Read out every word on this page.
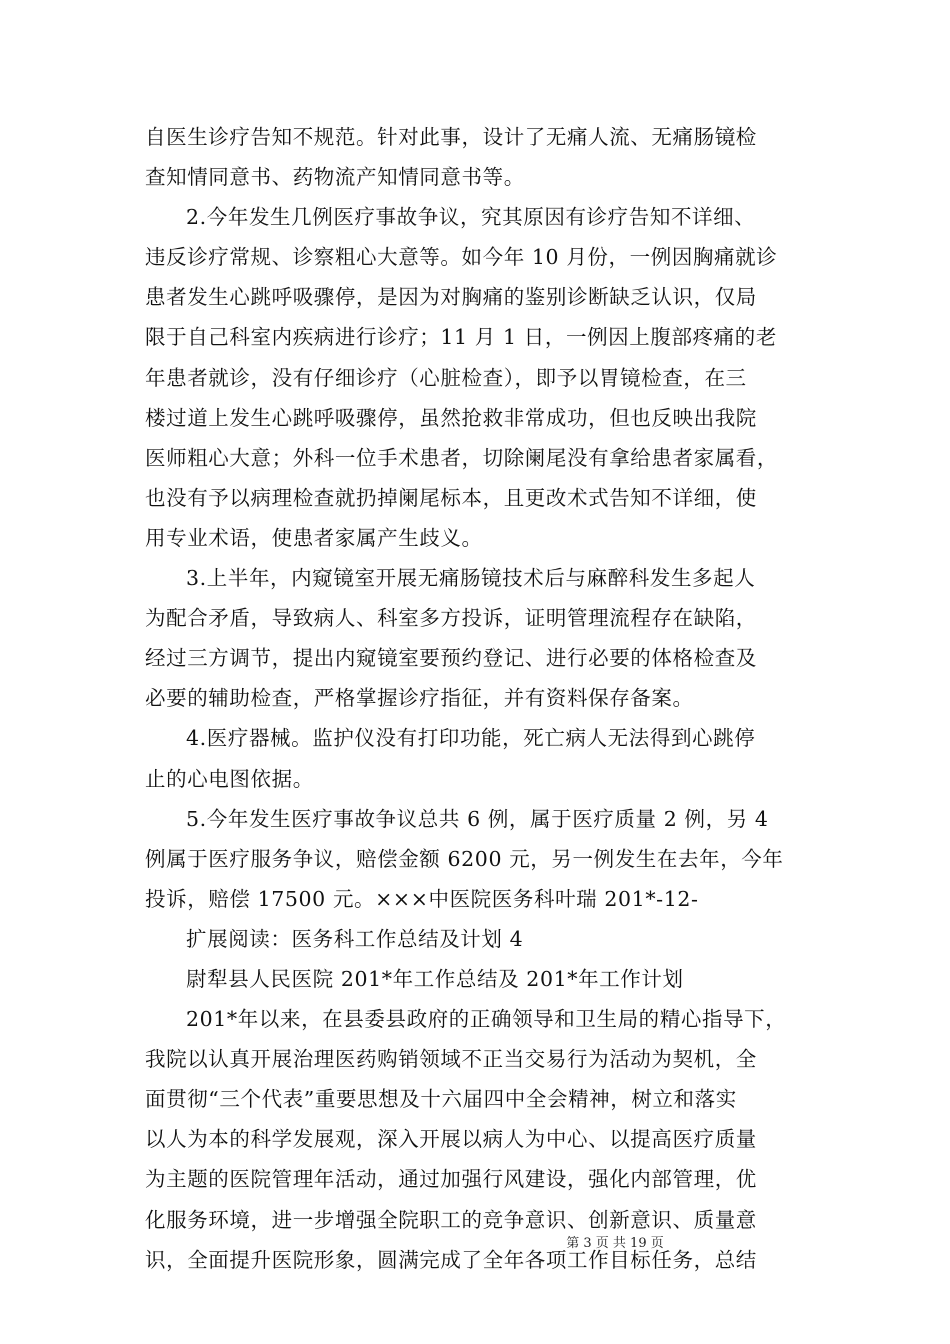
自医生诊疗告知不规范。针对此事，设计了无痛人流、无痛肠镜检
查知情同意书、药物流产知情同意书等。
2.今年发生几例医疗事故争议，究其原因有诊疗告知不详细、
违反诊疗常规、诊察粗心大意等。如今年 10 月份，一例因胸痛就诊
患者发生心跳呼吸骤停，是因为对胸痛的鉴别诊断缺乏认识，仅局
限于自己科室内疾病进行诊疗；11 月 1 日，一例因上腹部疼痛的老
年患者就诊，没有仔细诊疗（心脏检查），即予以胃镜检查，在三
楼过道上发生心跳呼吸骤停，虽然抢救非常成功，但也反映出我院
医师粗心大意；外科一位手术患者，切除阑尾没有拿给患者家属看，
也没有予以病理检查就扔掉阑尾标本，且更改术式告知不详细，使
用专业术语，使患者家属产生歧义。
3.上半年，内窥镜室开展无痛肠镜技术后与麻醉科发生多起人
为配合矛盾，导致病人、科室多方投诉，证明管理流程存在缺陷，
经过三方调节，提出内窥镜室要预约登记、进行必要的体格检查及
必要的辅助检查，严格掌握诊疗指征，并有资料保存备案。
4.医疗器械。监护仪没有打印功能，死亡病人无法得到心跳停
止的心电图依据。
5.今年发生医疗事故争议总共 6 例，属于医疗质量 2 例，另 4
例属于医疗服务争议，赔偿金额 6200 元，另一例发生在去年，今年
投诉，赔偿 17500 元。×××中医院医务科叶瑞 201*-12-
扩展阅读：医务科工作总结及计划 4
尉犁县人民医院 201*年工作总结及 201*年工作计划
201*年以来，在县委县政府的正确领导和卫生局的精心指导下，
我院以认真开展治理医药购销领域不正当交易行为活动为契机，全
面贯彻“三个代表”重要思想及十六届四中全会精神，树立和落实
以人为本的科学发展观，深入开展以病人为中心、以提高医疗质量
为主题的医院管理年活动，通过加强行风建设，强化内部管理，优
化服务环境，进一步增强全院职工的竞争意识、创新意识、质量意
识，全面提升医院形象，圆满完成了全年各项工作目标任务，总结
第 3 页 共 19 页
